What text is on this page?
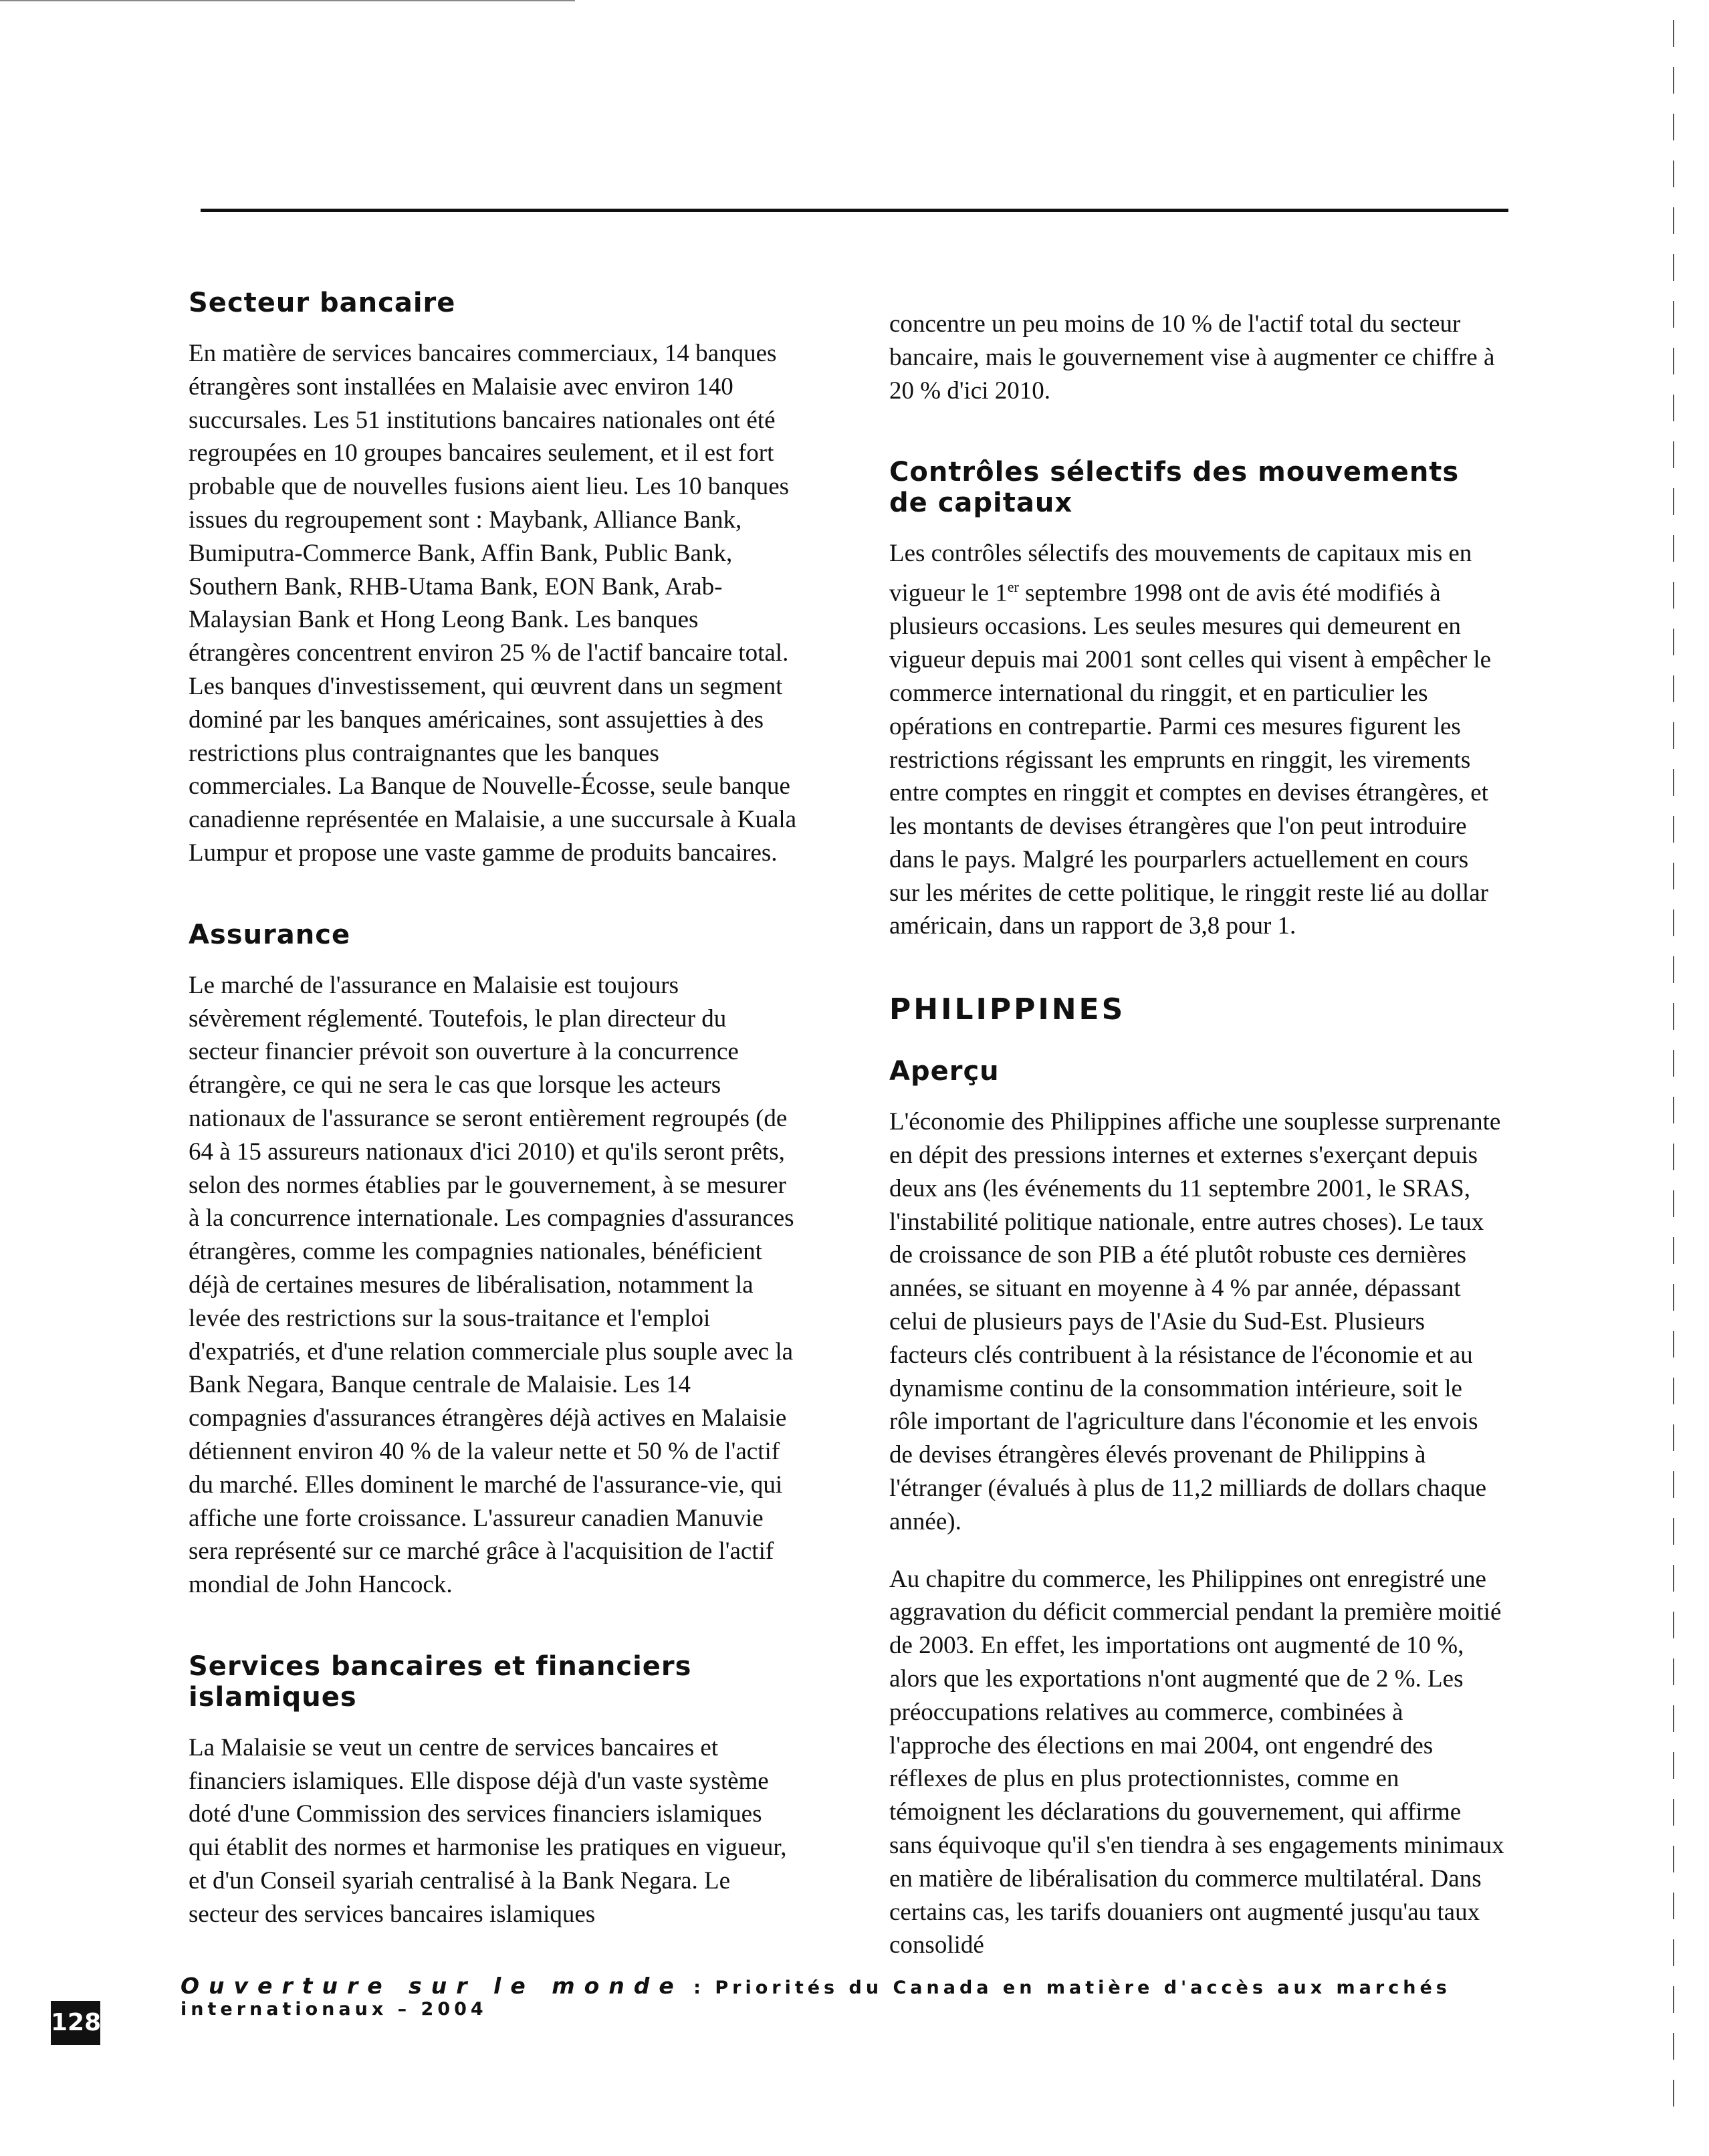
Secteur bancaire

En matière de services bancaires commerciaux, 14 banques étrangères sont installées en Malaisie avec environ 140 succursales. Les 51 institutions bancaires nationales ont été regroupées en 10 groupes bancaires seulement, et il est fort probable que de nouvelles fusions aient lieu. Les 10 banques issues du regroupement sont : Maybank, Alliance Bank, Bumiputra-Commerce Bank, Affin Bank, Public Bank, Southern Bank, RHB-Utama Bank, EON Bank, Arab-Malaysian Bank et Hong Leong Bank. Les banques étrangères concentrent environ 25 % de l'actif bancaire total. Les banques d'investissement, qui œuvrent dans un segment dominé par les banques américaines, sont assujetties à des restrictions plus contraignantes que les banques commerciales. La Banque de Nouvelle-Écosse, seule banque canadienne représentée en Malaisie, a une succursale à Kuala Lumpur et propose une vaste gamme de produits bancaires.

Assurance

Le marché de l'assurance en Malaisie est toujours sévèrement réglementé. Toutefois, le plan directeur du secteur financier prévoit son ouverture à la concurrence étrangère, ce qui ne sera le cas que lorsque les acteurs nationaux de l'assurance se seront entièrement regroupés (de 64 à 15 assureurs nationaux d'ici 2010) et qu'ils seront prêts, selon des normes établies par le gouvernement, à se mesurer à la concurrence internationale. Les compagnies d'assurances étrangères, comme les compagnies nationales, bénéficient déjà de certaines mesures de libéralisation, notamment la levée des restrictions sur la sous-traitance et l'emploi d'expatriés, et d'une relation commerciale plus souple avec la Bank Negara, Banque centrale de Malaisie. Les 14 compagnies d'assurances étrangères déjà actives en Malaisie détiennent environ 40 % de la valeur nette et 50 % de l'actif du marché. Elles dominent le marché de l'assurance-vie, qui affiche une forte croissance. L'assureur canadien Manuvie sera représenté sur ce marché grâce à l'acquisition de l'actif mondial de John Hancock.

Services bancaires et financiers islamiques

La Malaisie se veut un centre de services bancaires et financiers islamiques. Elle dispose déjà d'un vaste système doté d'une Commission des services financiers islamiques qui établit des normes et harmonise les pratiques en vigueur, et d'un Conseil syariah centralisé à la Bank Negara. Le secteur des services bancaires islamiques

concentre un peu moins de 10 % de l'actif total du secteur bancaire, mais le gouvernement vise à augmenter ce chiffre à 20 % d'ici 2010.

Contrôles sélectifs des mouvements de capitaux

Les contrôles sélectifs des mouvements de capitaux mis en vigueur le 1er septembre 1998 ont de avis été modifiés à plusieurs occasions. Les seules mesures qui demeurent en vigueur depuis mai 2001 sont celles qui visent à empêcher le commerce international du ringgit, et en particulier les opérations en contrepartie. Parmi ces mesures figurent les restrictions régissant les emprunts en ringgit, les virements entre comptes en ringgit et comptes en devises étrangères, et les montants de devises étrangères que l'on peut introduire dans le pays. Malgré les pourparlers actuellement en cours sur les mérites de cette politique, le ringgit reste lié au dollar américain, dans un rapport de 3,8 pour 1.

PHILIPPINES
Aperçu

L'économie des Philippines affiche une souplesse surprenante en dépit des pressions internes et externes s'exerçant depuis deux ans (les événements du 11 septembre 2001, le SRAS, l'instabilité politique nationale, entre autres choses). Le taux de croissance de son PIB a été plutôt robuste ces dernières années, se situant en moyenne à 4 % par année, dépassant celui de plusieurs pays de l'Asie du Sud-Est. Plusieurs facteurs clés contribuent à la résistance de l'économie et au dynamisme continu de la consommation intérieure, soit le rôle important de l'agriculture dans l'économie et les envois de devises étrangères élevés provenant de Philippins à l'étranger (évalués à plus de 11,2 milliards de dollars chaque année).

Au chapitre du commerce, les Philippines ont enregistré une aggravation du déficit commercial pendant la première moitié de 2003. En effet, les importations ont augmenté de 10 %, alors que les exportations n'ont augmenté que de 2 %. Les préoccupations relatives au commerce, combinées à l'approche des élections en mai 2004, ont engendré des réflexes de plus en plus protectionnistes, comme en témoignent les déclarations du gouvernement, qui affirme sans équivoque qu'il s'en tiendra à ses engagements minimaux en matière de libéralisation du commerce multilatéral. Dans certains cas, les tarifs douaniers ont augmenté jusqu'au taux consolidé

128
Ouverture sur le monde : Priorités du Canada en matière d'accès aux marchés internationaux – 2004
